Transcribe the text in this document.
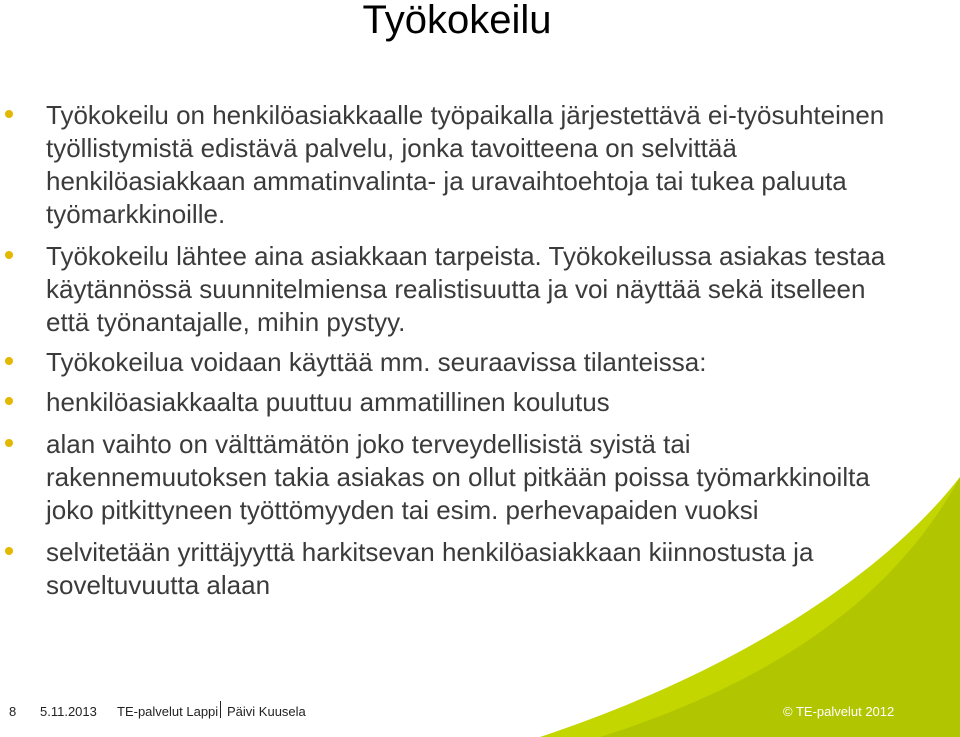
Työkokeilu
Työkokeilu on henkilöasiakkaalle työpaikalla järjestettävä ei-työsuhteinen työllistymistä edistävä palvelu, jonka tavoitteena on selvittää henkilöasiakkaan ammatinvalinta- ja uravaihtoehtoja tai tukea paluuta työmarkkinoille.
Työkokeilu lähtee aina asiakkaan tarpeista. Työkokeilussa asiakas testaa käytännössä suunnitelmiensa realistisuutta ja voi näyttää sekä itselleen että työnantajalle, mihin pystyy.
Työkokeilua voidaan käyttää mm. seuraavissa tilanteissa:
henkilöasiakkaalta puuttuu ammatillinen koulutus
alan vaihto on välttämätön joko terveydellisistä syistä tai rakennemuutoksen takia asiakas on ollut pitkään poissa työmarkkinoilta joko pitkittyneen työttömyyden tai esim. perhevapaiden vuoksi
selvitetään yrittäjyyttä harkitsevan henkilöasiakkaan kiinnostusta ja soveltuvuutta alaan
8 5.11.2013 TE-palvelut Lappi Päivi Kuusela	© TE-palvelut 2012
